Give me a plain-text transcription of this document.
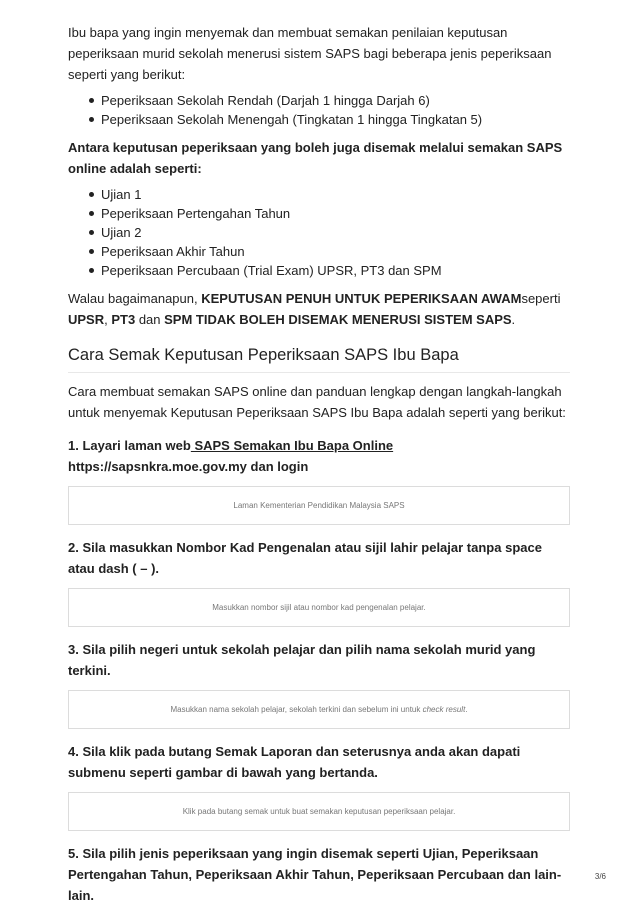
Ibu bapa yang ingin menyemak dan membuat semakan penilaian keputusan peperiksaan murid sekolah menerusi sistem SAPS bagi beberapa jenis peperiksaan seperti yang berikut:

Peperiksaan Sekolah Rendah (Darjah 1 hingga Darjah 6)
Peperiksaan Sekolah Menengah (Tingkatan 1 hingga Tingkatan 5)

Antara keputusan peperiksaan yang boleh juga disemak melalui semakan SAPS online adalah seperti:

Ujian 1
Peperiksaan Pertengahan Tahun
Ujian 2
Peperiksaan Akhir Tahun
Peperiksaan Percubaan (Trial Exam) UPSR, PT3 dan SPM

Walau bagaimanapun, KEPUTUSAN PENUH UNTUK PEPERIKSAAN AWAMseperti UPSR, PT3 dan SPM TIDAK BOLEH DISEMAK MENERUSI SISTEM SAPS.

Cara Semak Keputusan Peperiksaan SAPS Ibu Bapa

Cara membuat semakan SAPS online dan panduan lengkap dengan langkah-langkah untuk menyemak Keputusan Peperiksaan SAPS Ibu Bapa adalah seperti yang berikut:

1. Layari laman web SAPS Semakan Ibu Bapa Online https://sapsnkra.moe.gov.my dan login

Laman Kementerian Pendidikan Malaysia SAPS

2. Sila masukkan Nombor Kad Pengenalan atau sijil lahir pelajar tanpa space atau dash ( – ).

Masukkan nombor sijil atau nombor kad pengenalan pelajar.

3. Sila pilih negeri untuk sekolah pelajar dan pilih nama sekolah murid yang terkini.

Masukkan nama sekolah pelajar, sekolah terkini dan sebelum ini untuk check result.

4. Sila klik pada butang Semak Laporan dan seterusnya anda akan dapati submenu seperti gambar di bawah yang bertanda.

Klik pada butang semak untuk buat semakan keputusan peperiksaan pelajar.

5. Sila pilih jenis peperiksaan yang ingin disemak seperti Ujian, Peperiksaan Pertengahan Tahun, Peperiksaan Akhir Tahun, Peperiksaan Percubaan dan lain-lain.

3/6
